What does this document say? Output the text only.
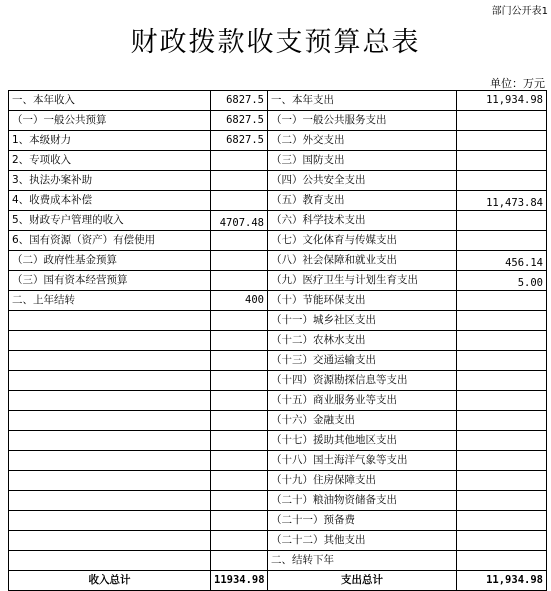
部门公开表1
财政拨款收支预算总表
单位：万元
一、本年收入	6827.5	一、本年支出	11,934.98
（一）一般公共预算	6827.5	（一）一般公共服务支出	
1、本级财力	6827.5	（二）外交支出	
2、专项收入		（三）国防支出	
3、执法办案补助		（四）公共安全支出	
4、收费成本补偿		（五）教育支出	11,473.84
5、财政专户管理的收入	4707.48	（六）科学技术支出	
6、国有资源（资产）有偿使用		（七）文化体育与传媒支出	
（二）政府性基金预算		（八）社会保障和就业支出	456.14
（三）国有资本经营预算		（九）医疗卫生与计划生育支出	5.00
二、上年结转	400	（十）节能环保支出	
		（十一）城乡社区支出	
		（十二）农林水支出	
		（十三）交通运输支出	
		（十四）资源勘探信息等支出	
		（十五）商业服务业等支出	
		（十六）金融支出	
		（十七）援助其他地区支出	
		（十八）国土海洋气象等支出	
		（十九）住房保障支出	
		（二十）粮油物资储备支出	
		（二十一）预备费	
		（二十二）其他支出	
		二、结转下年	
收入总计	11934.98	支出总计	11,934.98
